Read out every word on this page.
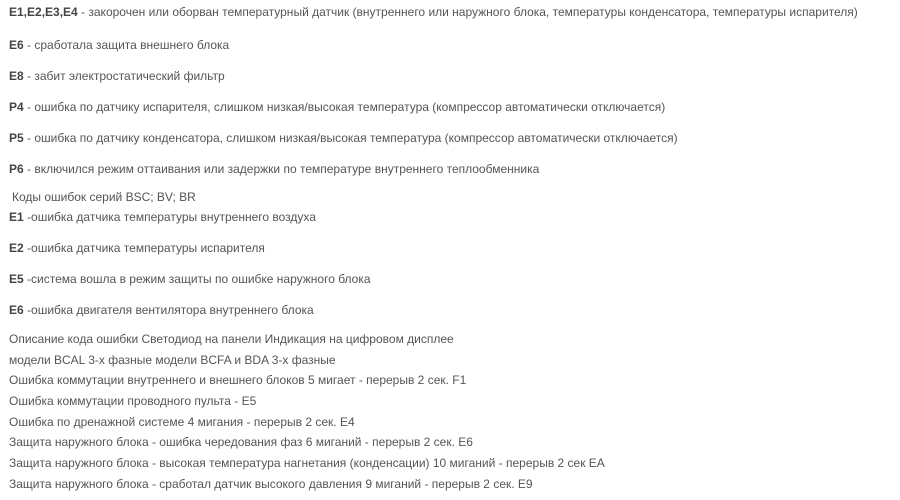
E1,E2,E3,E4 - закорочен или оборван температурный датчик (внутреннего или наружного блока, температуры конденсатора, температуры испарителя)
E6 - сработала защита внешнего блока
E8 - забит электростатический фильтр
P4 - ошибка по датчику испарителя, слишком низкая/высокая температура (компрессор автоматически отключается)
P5 - ошибка по датчику конденсатора, слишком низкая/высокая температура (компрессор автоматически отключается)
P6 - включился режим оттаивания или задержки по температуре внутреннего теплообменника
Коды ошибок серий BSC; BV; BR
E1 -ошибка датчика температуры внутреннего воздуха
E2 -ошибка датчика температуры испарителя
E5 -система вошла в режим защиты по ошибке наружного блока
E6 -ошибка двигателя вентилятора внутреннего блока
Описание кода ошибки Светодиод на панели Индикация на цифровом дисплее
модели BCAL 3-х фазные модели BCFA и BDA 3-х фазные
Ошибка коммутации внутреннего и внешнего блоков 5 мигает - перерыв 2 сек. F1
Ошибка коммутации проводного пульта - Е5
Ошибка по дренажной системе 4 мигания - перерыв 2 сек. Е4
Защита наружного блока - ошибка чередования фаз 6 миганий - перерыв 2 сек. Е6
Защита наружного блока - высокая температура нагнетания (конденсации) 10 миганий - перерыв 2 сек ЕА
Защита наружного блока - сработал датчик высокого давления 9 миганий - перерыв 2 сек. Е9
